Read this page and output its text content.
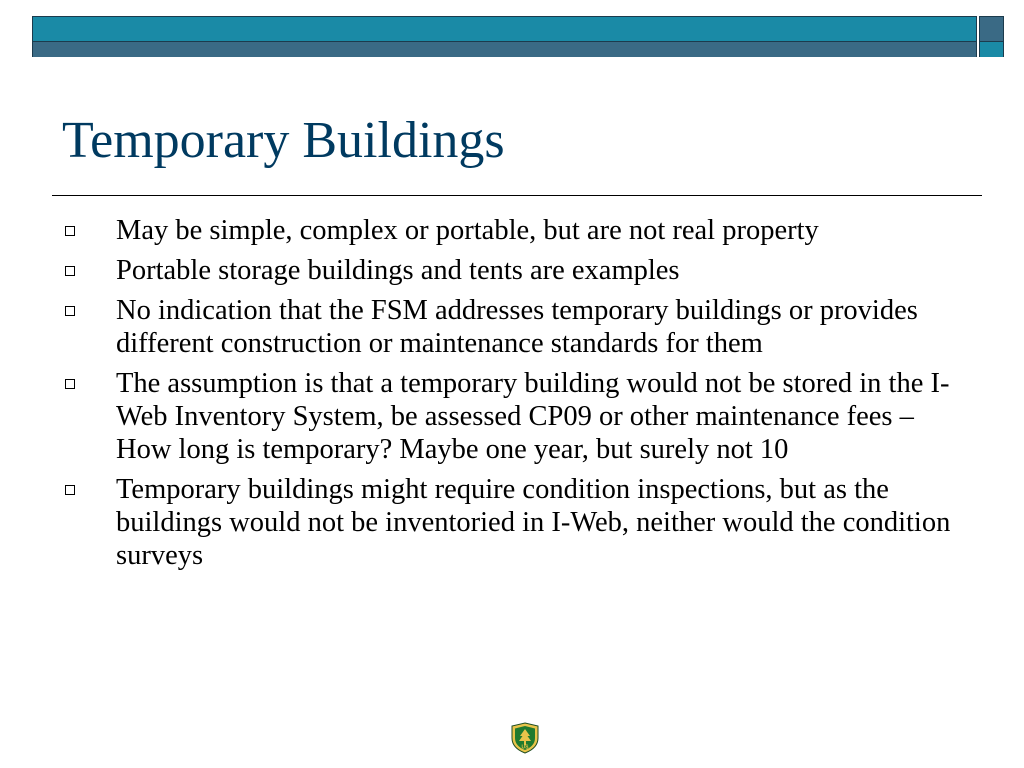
Temporary Buildings
May be simple, complex or portable, but are not real property
Portable storage buildings and tents are examples
No indication that the FSM addresses temporary buildings or provides different construction or maintenance standards for them
The assumption is that a temporary building would not be stored in the I-Web Inventory System, be assessed CP09 or other maintenance fees – How long is temporary? Maybe one year, but surely not 10
Temporary buildings might require condition inspections, but as the buildings would not be inventoried in I-Web, neither would the condition surveys
US
